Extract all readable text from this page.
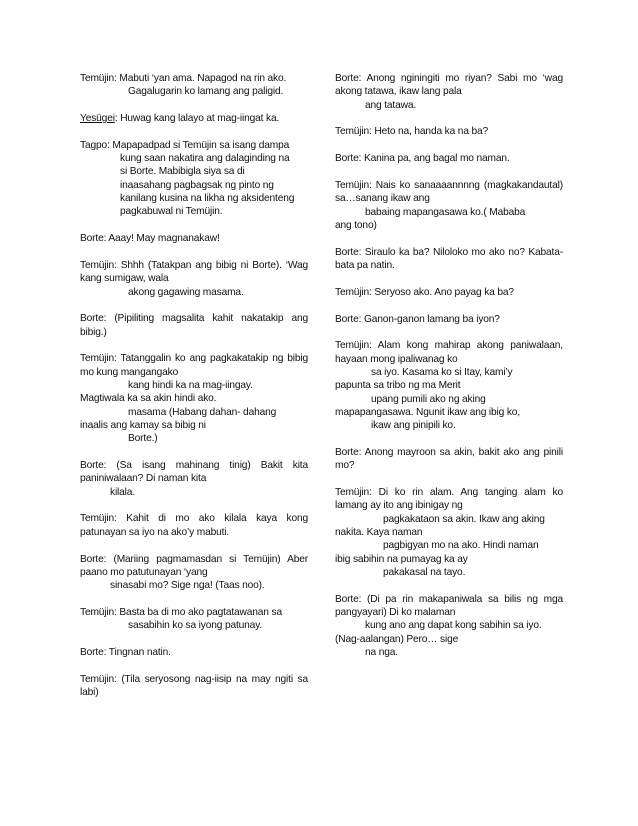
Temüjin: Mabuti ‘yan ama. Napagod na rin ako.
Gagalugarin ko lamang ang paligid.
Yesügei: Huwag kang lalayo at mag-iingat ka.
Tagpo: Mapapadpad si Temüjin sa isang dampa
kung saan nakatira ang dalaginding na
si Borte. Mabibigla siya sa di
inaasahang pagbagsak ng pinto ng
kanilang kusina na likha ng aksidenteng
pagkabuwal ni Temüjin.
Borte: Aaay! May magnanakaw!
Temüjin: Shhh (Tatakpan ang bibig ni Borte). ‘Wag kang sumigaw, wala
akong gagawing masama.
Borte: (Pipiliting magsalita kahit nakatakip ang bibig.)
Temüjin: Tatanggalin ko ang pagkakatakip ng bibig mo kung mangangako
kang hindi ka na mag-iingay.
Magtiwala ka sa akin hindi ako.
masama (Habang dahan- dahang
inaalis ang kamay sa bibig ni
Borte.)
Borte: (Sa isang mahinang tinig) Bakit kita paniniwalaan? Di naman kita
kilala.
Temüjin: Kahit di mo ako kilala kaya kong patunayan sa iyo na ako’y mabuti.
Borte: (Mariing pagmamasdan si Temüjin) Aber paano mo patutunayan ‘yang
sinasabi mo? Sige nga! (Taas noo).
Temüjin: Basta ba di mo ako pagtatawanan sa
sasabihin ko sa iyong patunay.
Borte: Tingnan natin.
Temüjin: (Tila seryosong nag-iisip na may ngiti sa labi)
Borte: Anong nginingiti mo riyan? Sabi mo ‘wag akong tatawa, ikaw lang pala
ang tatawa.
Temüjin: Heto na, handa ka na ba?
Borte: Kanina pa, ang bagal mo naman.
Temüjin: Nais ko sanaaaannnng (magkakandautal) sa…sanang ikaw ang
babaing mapangasawa ko.( Mababa
ang tono)
Borte: Siraulo ka ba? Niloloko mo ako no? Kabata-bata pa natin.
Temüjin: Seryoso ako. Ano payag ka ba?
Borte: Ganon-ganon lamang ba iyon?
Temüjin: Alam kong mahirap akong paniwalaan, hayaan mong ipaliwanag ko
sa iyo. Kasama ko si Itay, kami’y
papunta sa tribo ng ma Merit
upang pumili ako ng aking
mapapangasawa. Ngunit ikaw ang ibig ko,
ikaw ang pinipili ko.
Borte: Anong mayroon sa akin, bakit ako ang pinili mo?
Temüjin: Di ko rin alam. Ang tanging alam ko lamang ay ito ang ibinigay ng
pagkakataon sa akin. Ikaw ang aking
nakita. Kaya naman
pagbigyan mo na ako. Hindi naman
ibig sabihin na pumayag ka ay
pakakasal na tayo.
Borte: (Di pa rin makapaniwala sa bilis ng mga pangyayari) Di ko malaman
kung ano ang dapat kong sabihin sa iyo.
(Nag-aalangan) Pero… sige
na nga.
